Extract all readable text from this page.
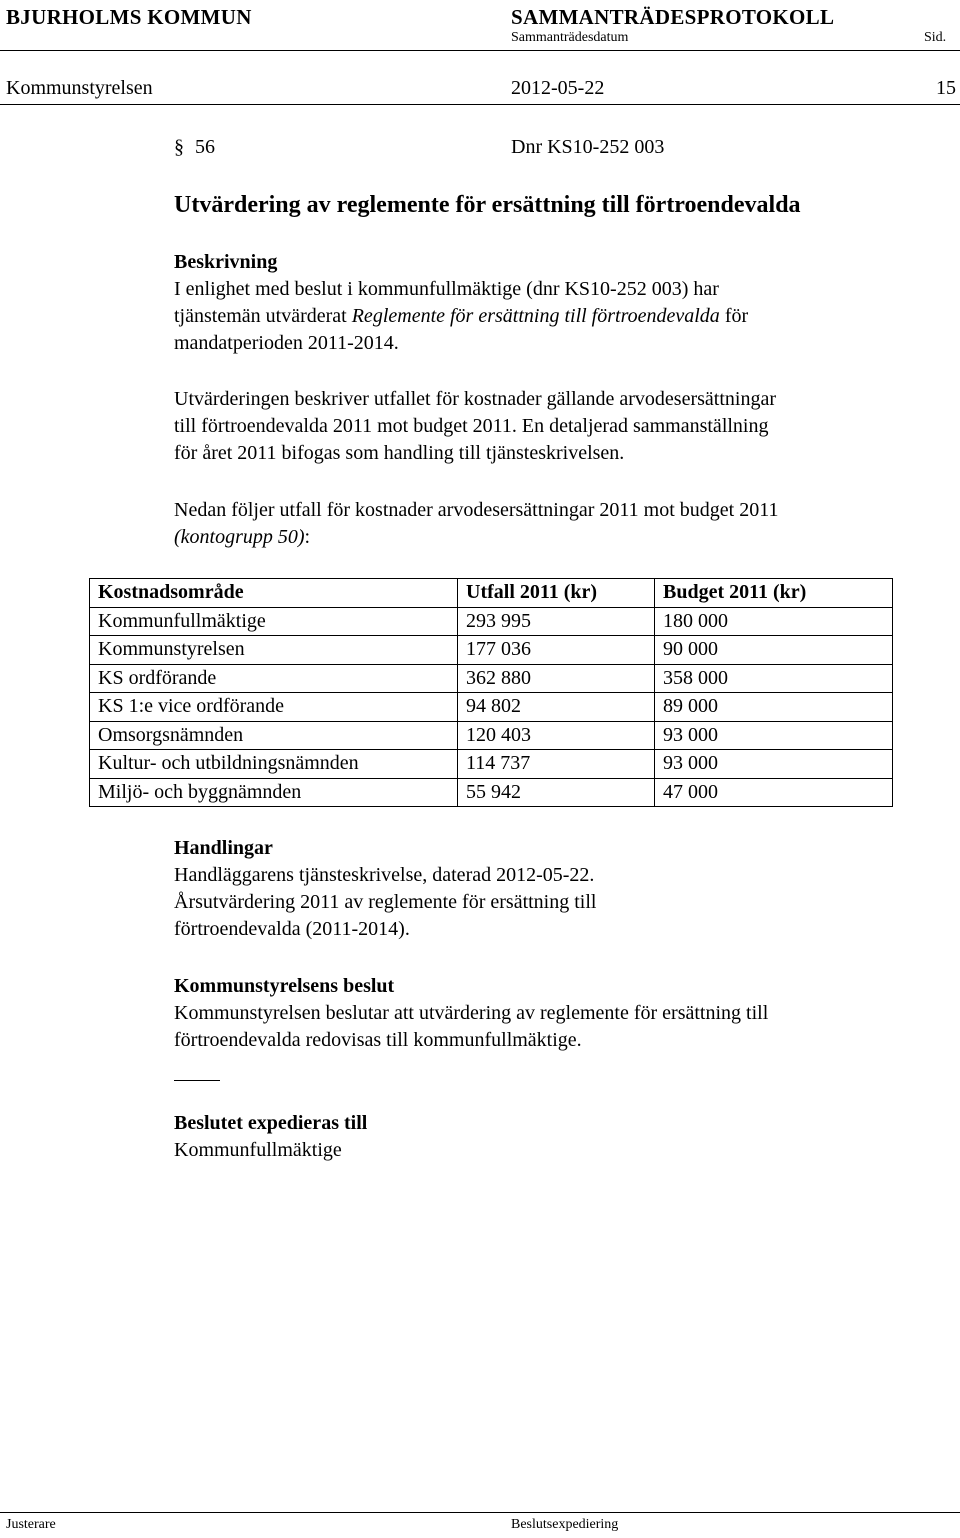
BJURHOLMS KOMMUN	SAMMANTRÄDESPROTOKOLL
Sammanträdesdatum	Sid.
Kommunstyrelsen	2012-05-22	15
§ 56	Dnr KS10-252 003
Utvärdering av reglemente för ersättning till förtroendevalda
Beskrivning
I enlighet med beslut i kommunfullmäktige (dnr KS10-252 003) har
tjänstemän utvärderat Reglemente för ersättning till förtroendevalda för
mandatperioden 2011-2014.
Utvärderingen beskriver utfallet för kostnader gällande arvodesersättningar
till förtroendevalda 2011 mot budget 2011. En detaljerad sammanställning
för året 2011 bifogas som handling till tjänsteskrivelsen.
Nedan följer utfall för kostnader arvodesersättningar 2011 mot budget 2011
(kontogrupp 50):
Kostnadsområde	Utfall 2011 (kr)	Budget 2011 (kr)
Kommunfullmäktige	293 995	180 000
Kommunstyrelsen	177 036	90 000
KS ordförande	362 880	358 000
KS 1:e vice ordförande	94 802	89 000
Omsorgsnämnden	120 403	93 000
Kultur- och utbildningsnämnden	114 737	93 000
Miljö- och byggnämnden	55 942	47 000
Handlingar
Handläggarens tjänsteskrivelse, daterad 2012-05-22.
Årsutvärdering 2011 av reglemente för ersättning till
förtroendevalda (2011-2014).
Kommunstyrelsens beslut
Kommunstyrelsen beslutar att utvärdering av reglemente för ersättning till
förtroendevalda redovisas till kommunfullmäktige.
Beslutet expedieras till
Kommunfullmäktige
Justerare	Beslutsexpediering
